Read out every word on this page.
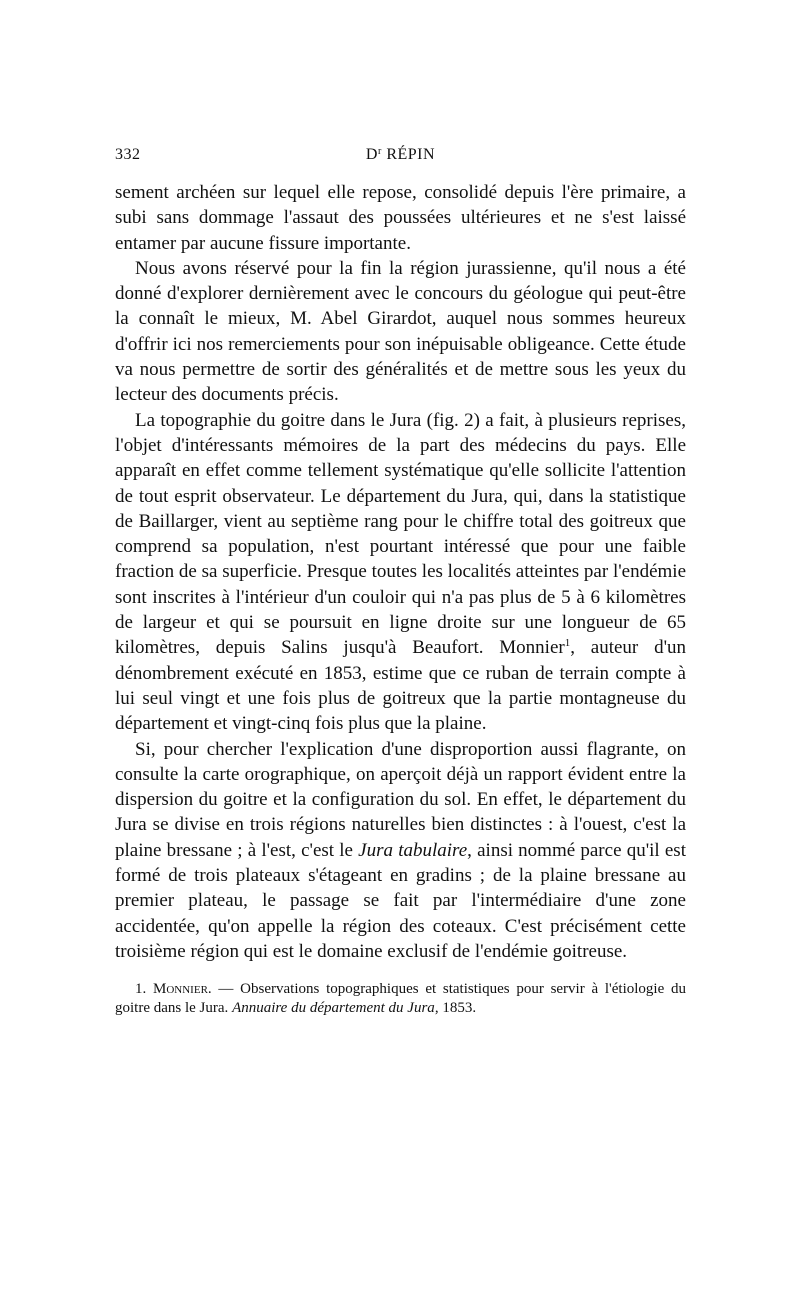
332	$D^r$ RÉPIN

sement archéen sur lequel elle repose, consolidé depuis l'ère primaire, a subi sans dommage l'assaut des poussées ultérieures et ne s'est laissé entamer par aucune fissure importante.

Nous avons réservé pour la fin la région jurassienne, qu'il nous a été donné d'explorer dernièrement avec le concours du géologue qui peut-être la connaît le mieux, M. Abel Girardot, auquel nous sommes heureux d'offrir ici nos remerciements pour son inépuisable obligeance. Cette étude va nous permettre de sortir des généralités et de mettre sous les yeux du lecteur des documents précis.

La topographie du goitre dans le Jura (fig. 2) a fait, à plusieurs reprises, l'objet d'intéressants mémoires de la part des médecins du pays. Elle apparaît en effet comme tellement systématique qu'elle sollicite l'attention de tout esprit observateur. Le département du Jura, qui, dans la statistique de Baillarger, vient au septième rang pour le chiffre total des goitreux que comprend sa population, n'est pourtant intéressé que pour une faible fraction de sa superficie. Presque toutes les localités atteintes par l'endémie sont inscrites à l'intérieur d'un couloir qui n'a pas plus de 5 à 6 kilomètres de largeur et qui se poursuit en ligne droite sur une longueur de 65 kilomètres, depuis Salins jusqu'à Beaufort. Monnier$^1$, auteur d'un dénombrement exécuté en 1853, estime que ce ruban de terrain compte à lui seul vingt et une fois plus de goitreux que la partie montagneuse du département et vingt-cinq fois plus que la plaine.

Si, pour chercher l'explication d'une disproportion aussi flagrante, on consulte la carte orographique, on aperçoit déjà un rapport évident entre la dispersion du goitre et la configuration du sol. En effet, le département du Jura se divise en trois régions naturelles bien distinctes : à l'ouest, c'est la plaine bressane ; à l'est, c'est le Jura tabulaire, ainsi nommé parce qu'il est formé de trois plateaux s'étageant en gradins ; de la plaine bressane au premier plateau, le passage se fait par l'intermédiaire d'une zone accidentée, qu'on appelle la région des coteaux. C'est précisément cette troisième région qui est le domaine exclusif de l'endémie goitreuse.

1. Monnier. — Observations topographiques et statistiques pour servir à l'étiologie du goitre dans le Jura. Annuaire du département du Jura, 1853.
